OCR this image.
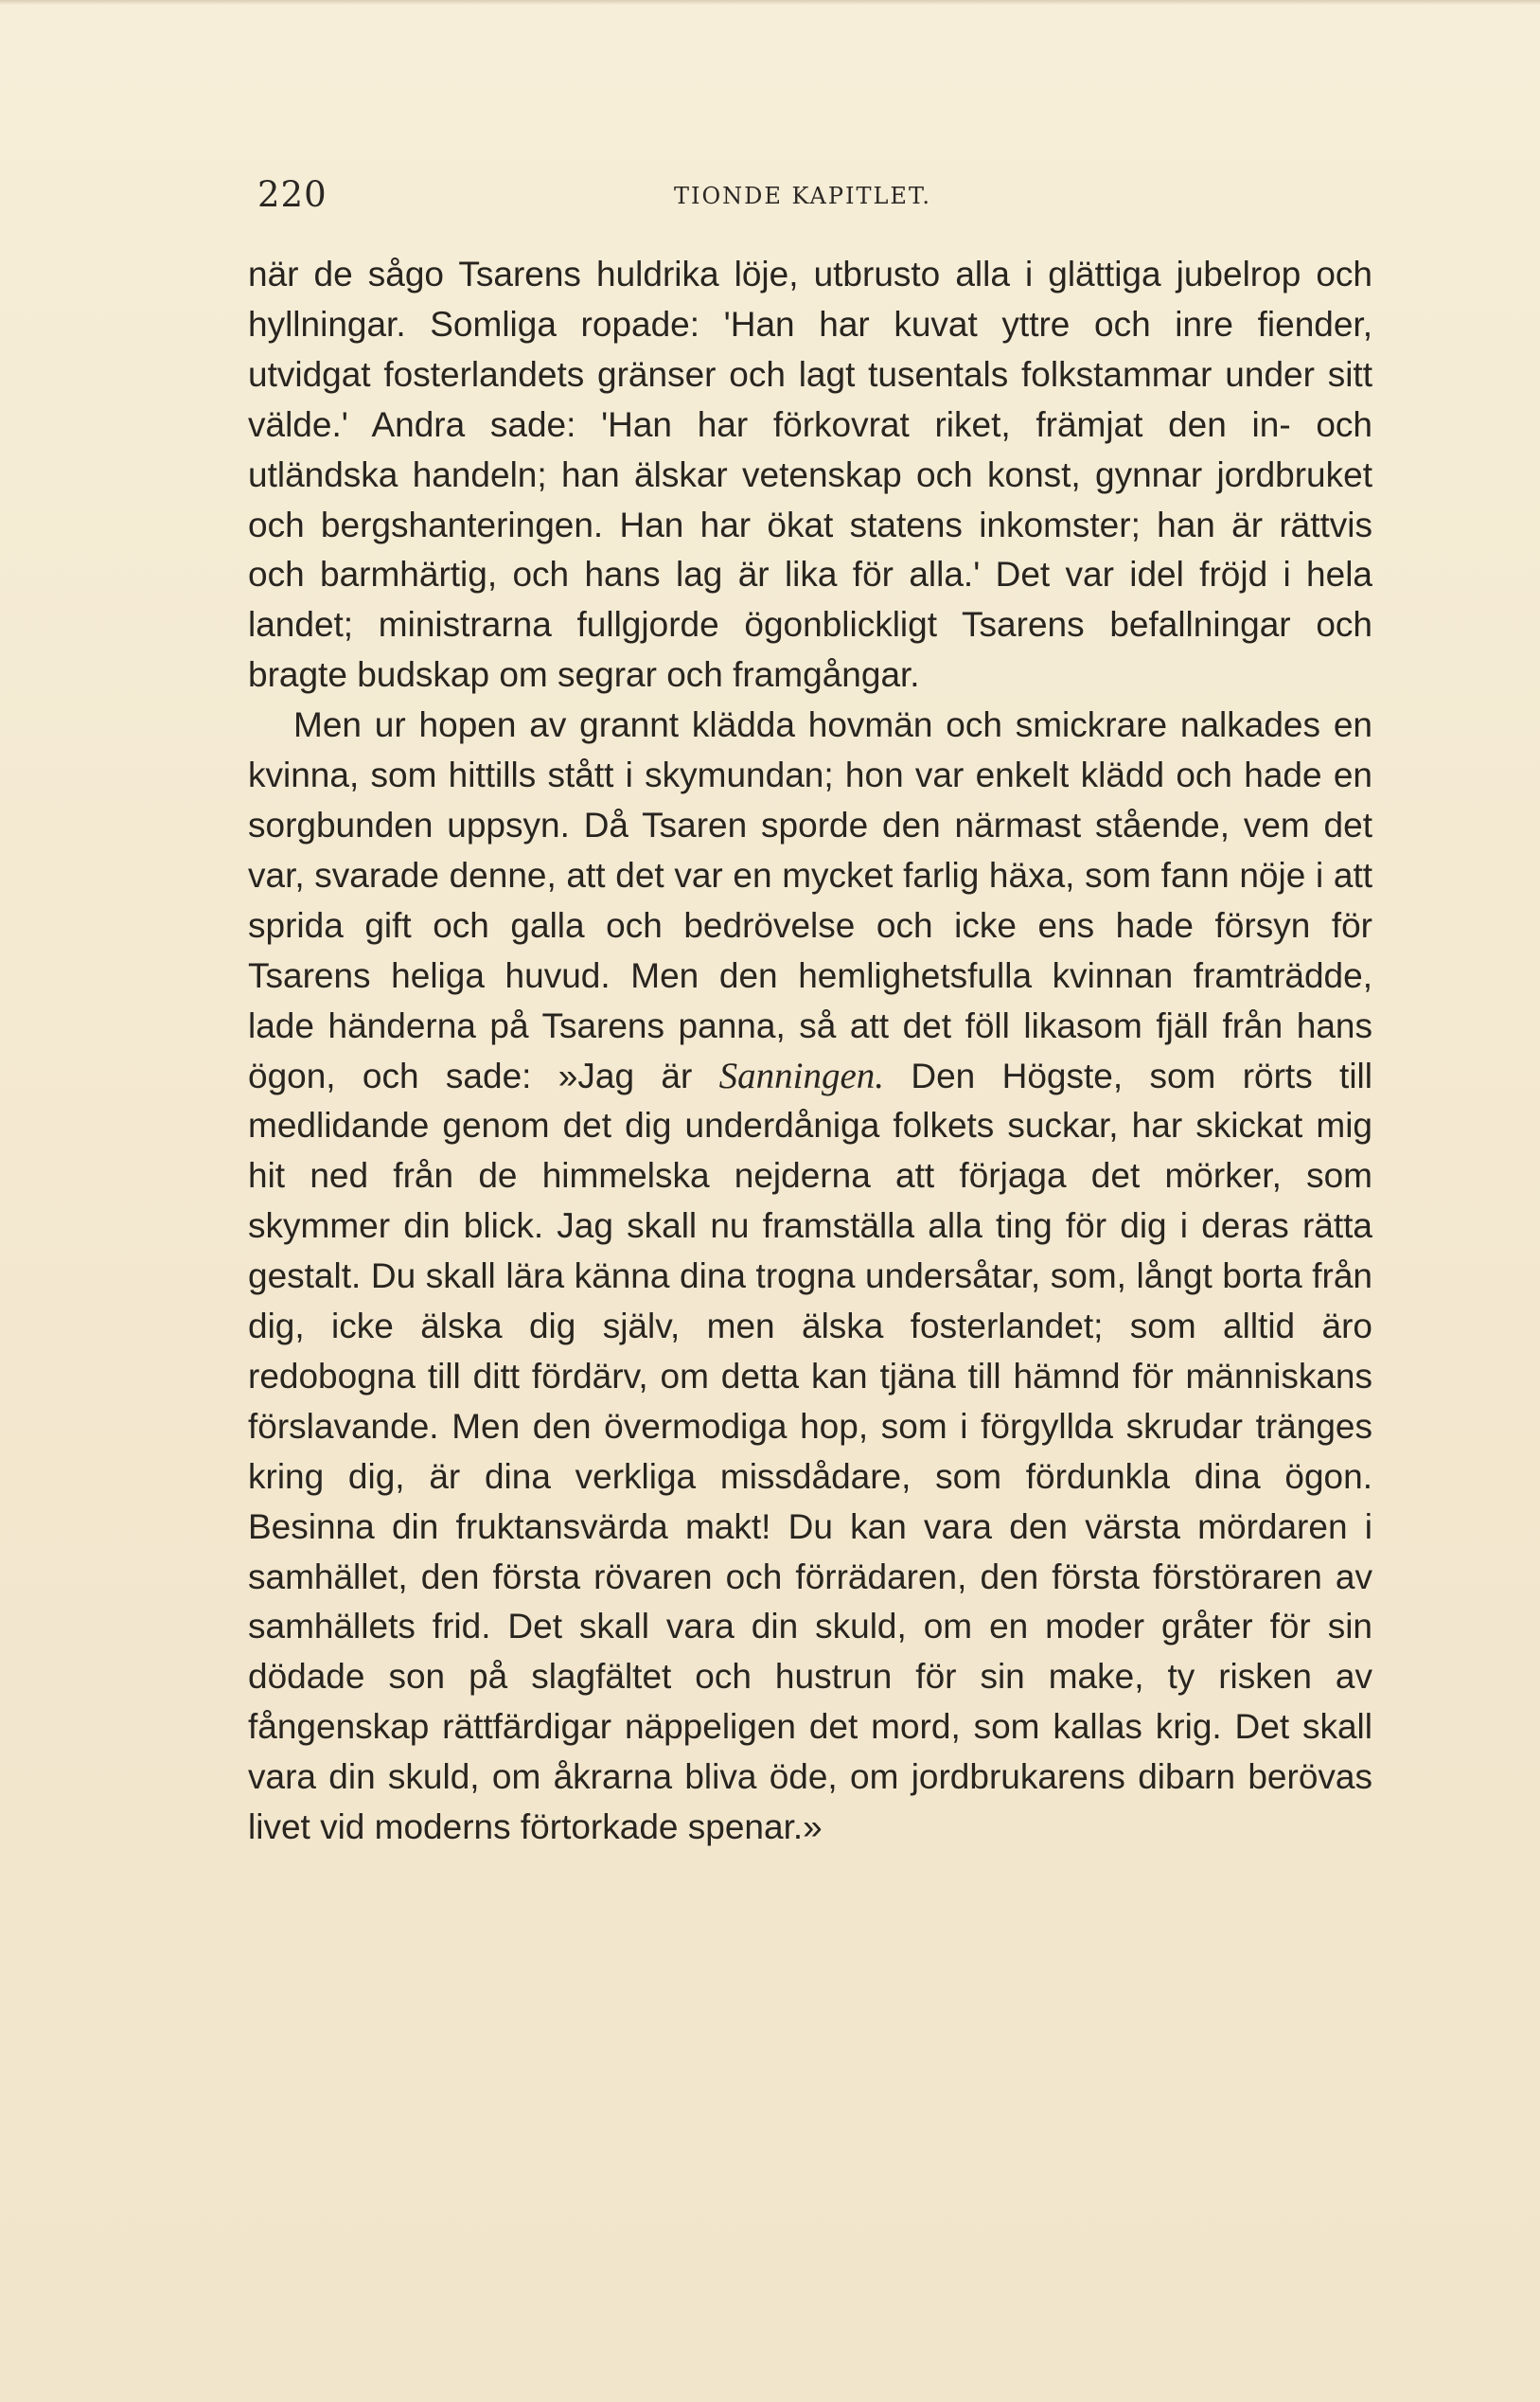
220	TIONDE KAPITLET.

när de sågo Tsarens huldrika löje, utbrusto alla i glättiga jubelrop och hyllningar. Somliga ropade: 'Han har kuvat yttre och inre fiender, utvidgat fosterlandets gränser och lagt tusentals folkstammar under sitt välde.' Andra sade: 'Han har förkovrat riket, främjat den in- och utländska handeln; han älskar vetenskap och konst, gynnar jordbruket och bergshanteringen. Han har ökat statens inkomster; han är rättvis och barmhärtig, och hans lag är lika för alla.' Det var idel fröjd i hela landet; ministrarna fullgjorde ögonblickligt Tsarens befallningar och bragte budskap om segrar och framgångar.

Men ur hopen av grannt klädda hovmän och smickrare nalkades en kvinna, som hittills stått i skymundan; hon var enkelt klädd och hade en sorgbunden uppsyn. Då Tsaren sporde den närmast stående, vem det var, svarade denne, att det var en mycket farlig häxa, som fann nöje i att sprida gift och galla och bedrövelse och icke ens hade försyn för Tsarens heliga huvud. Men den hemlighetsfulla kvinnan framträdde, lade händerna på Tsarens panna, så att det föll likasom fjäll från hans ögon, och sade: »Jag är Sanningen. Den Högste, som rörts till medlidande genom det dig underdåniga folkets suckar, har skickat mig hit ned från de himmelska nejderna att förjaga det mörker, som skymmer din blick. Jag skall nu framställa alla ting för dig i deras rätta gestalt. Du skall lära känna dina trogna undersåtar, som, långt borta från dig, icke älska dig själv, men älska fosterlandet; som alltid äro redobogna till ditt fördärv, om detta kan tjäna till hämnd för människans förslavande. Men den övermodiga hop, som i förgyllda skrudar tränges kring dig, är dina verkliga missdådare, som fördunkla dina ögon. Besinna din fruktansvärda makt! Du kan vara den värsta mördaren i samhället, den första rövaren och förrädaren, den första förstöraren av samhällets frid. Det skall vara din skuld, om en moder gråter för sin dödade son på slagfältet och hustrun för sin make, ty risken av fångenskap rättfärdigar näppeligen det mord, som kallas krig. Det skall vara din skuld, om åkrarna bliva öde, om jordbrukarens dibarn berövas livet vid moderns förtorkade spenar.»
